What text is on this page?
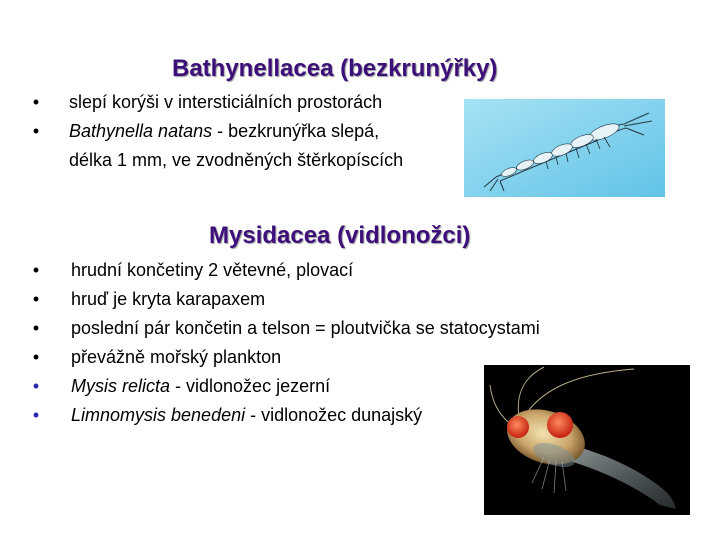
Bathynellacea (bezkrunýřky)
• slepí korýši v intersticiálních prostorách
• Bathynella natans - bezkrunýřka slepá,
délka 1 mm, ve zvodněných štěrkopíscích
Mysidacea (vidlonožci)
• hrudní končetiny 2 větevné, plovací
• hruď je kryta karapaxem
• poslední pár končetin a telson = ploutvička se statocystami
• převážně mořský plankton
• Mysis relicta - vidlonožec jezerní
• Limnomysis benedeni - vidlonožec dunajský
